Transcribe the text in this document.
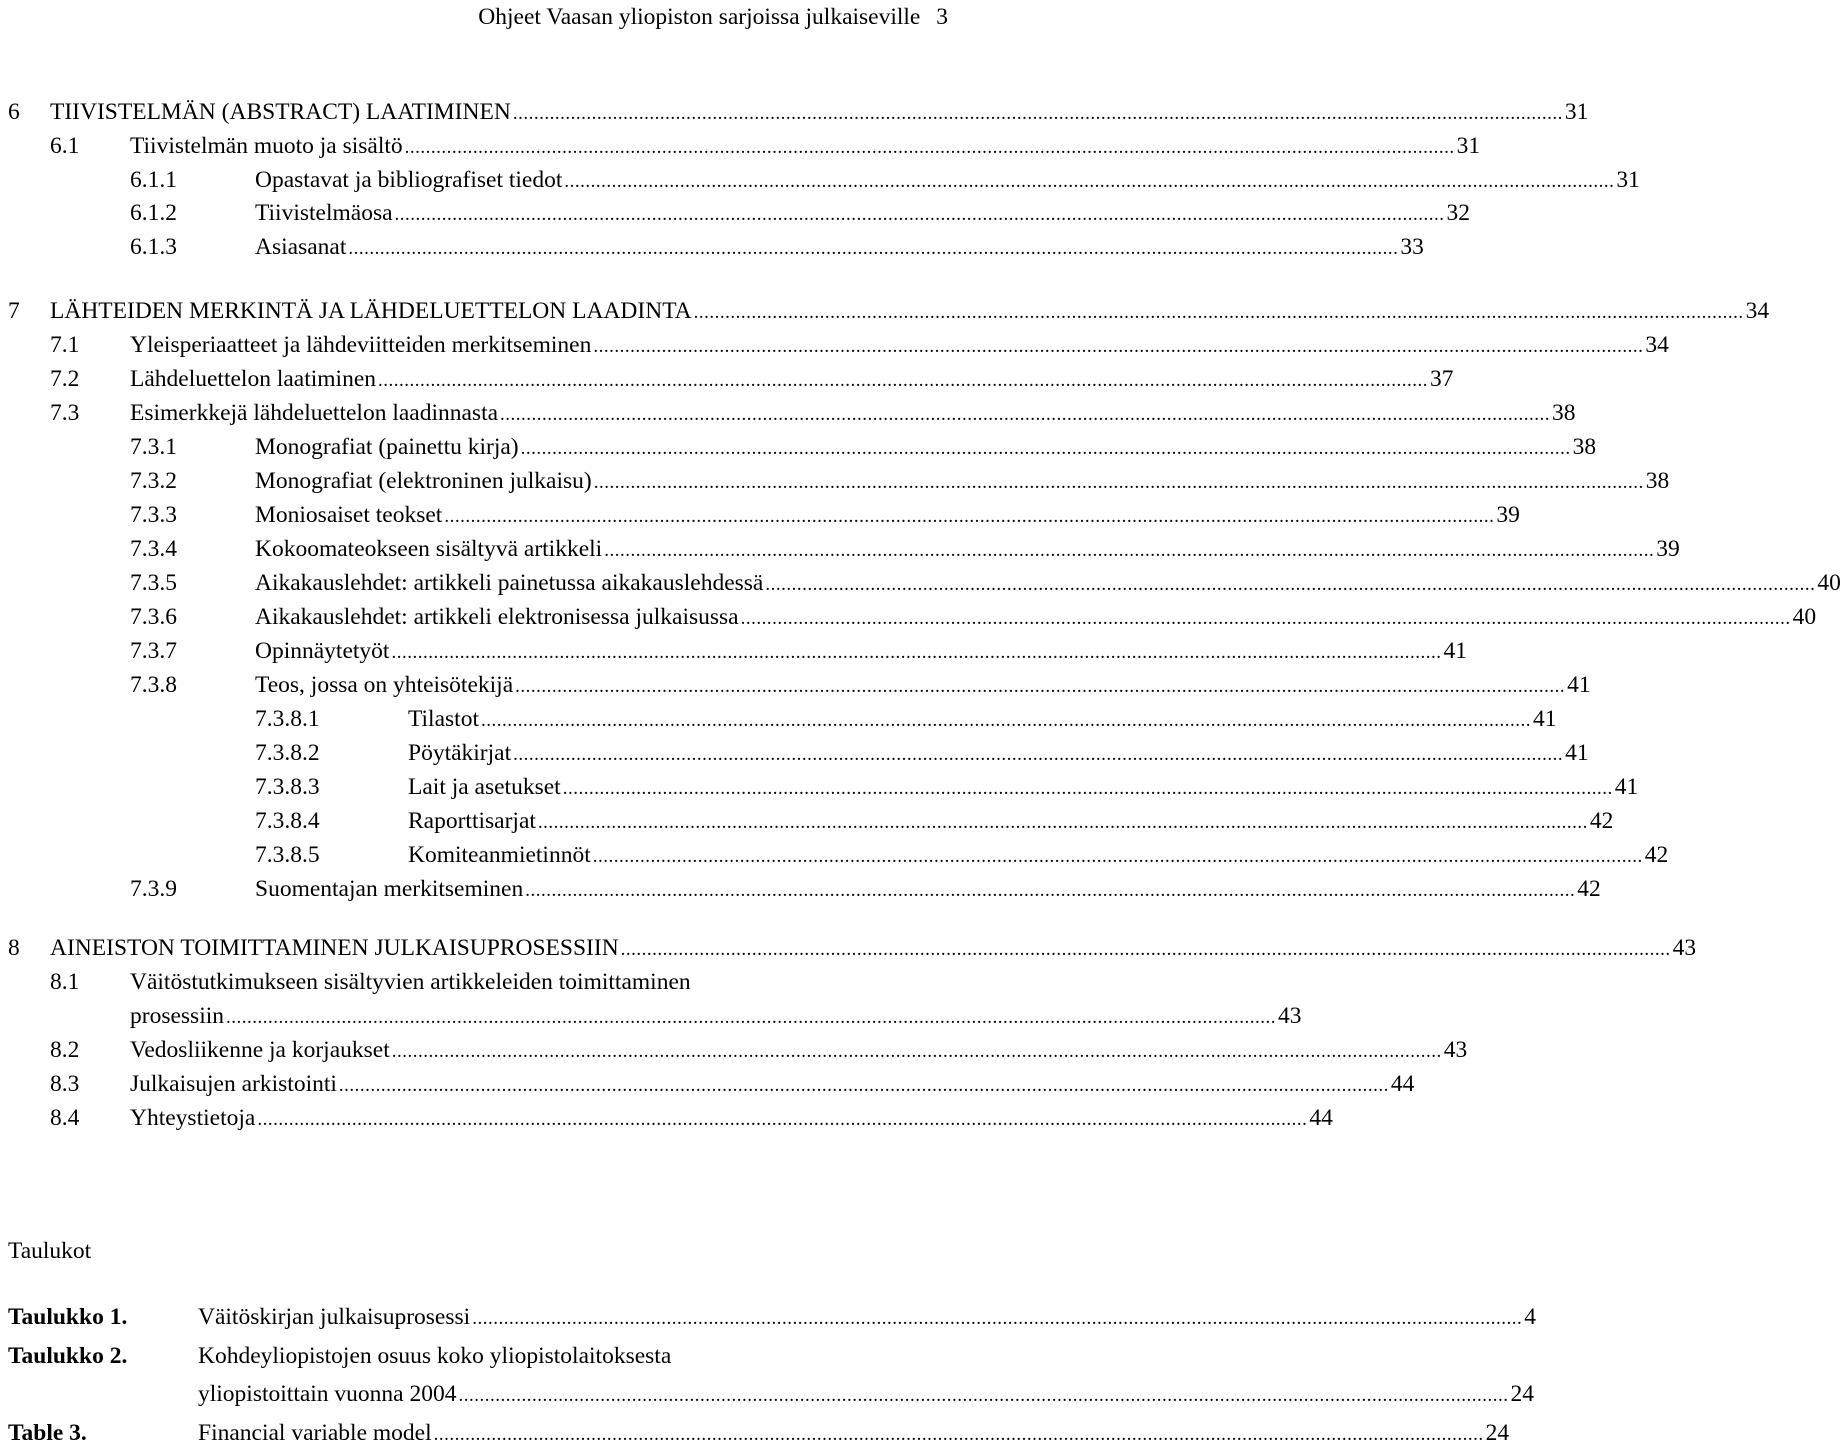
Ohjeet Vaasan yliopiston sarjoissa julkaiseville 3
6 TIIVISTELMÄN (ABSTRACT) LAATIMINEN ........................................................................................................................................................................................................ 31
6.1 Tiivistelmän muoto ja sisältö ........................................................................................................................................................................................................ 31
6.1.1	Opastavat ja bibliografiset tiedot ........................................................................................................................................................................................................ 31
6.1.2	Tiivistelmäosa ........................................................................................................................................................................................................ 32
6.1.3	Asiasanat ........................................................................................................................................................................................................ 33
7 LÄHTEIDEN MERKINTÄ JA LÄHDELUETTELON LAADINTA ........................................................................................................................................................................................................ 34
7.1 Yleisperiaatteet ja lähdeviitteiden merkitseminen ........................................................................................................................................................................................................ 34
7.2 Lähdeluettelon laatiminen ........................................................................................................................................................................................................ 37
7.3 Esimerkkejä lähdeluettelon laadinnasta ........................................................................................................................................................................................................ 38
7.3.1	Monografiat (painettu kirja) ........................................................................................................................................................................................................ 38
7.3.2	Monografiat (elektroninen julkaisu) ........................................................................................................................................................................................................ 38
7.3.3	Moniosaiset teokset ........................................................................................................................................................................................................ 39
7.3.4	Kokoomateokseen sisältyvä artikkeli ........................................................................................................................................................................................................ 39
7.3.5	Aikakauslehdet: artikkeli painetussa aikakauslehdessä ........................................................................................................................................................................................................ 40
7.3.6	Aikakauslehdet: artikkeli elektronisessa julkaisussa ........................................................................................................................................................................................................ 40
7.3.7	Opinnäytetyöt ........................................................................................................................................................................................................ 41
7.3.8	Teos, jossa on yhteisötekijä ........................................................................................................................................................................................................ 41
7.3.8.1	Tilastot ........................................................................................................................................................................................................ 41
7.3.8.2	Pöytäkirjat ........................................................................................................................................................................................................ 41
7.3.8.3	Lait ja asetukset ........................................................................................................................................................................................................ 41
7.3.8.4	Raporttisarjat ........................................................................................................................................................................................................ 42
7.3.8.5	Komiteanmietinnöt ........................................................................................................................................................................................................ 42
7.3.9	Suomentajan merkitseminen ........................................................................................................................................................................................................ 42
8 AINEISTON TOIMITTAMINEN JULKAISUPROSESSIIN ........................................................................................................................................................................................................ 43
8.1 Väitöstutkimukseen sisältyvien artikkeleiden toimittaminen
prosessiin ........................................................................................................................................................................................................ 43
8.2 Vedosliikenne ja korjaukset ........................................................................................................................................................................................................ 43
8.3 Julkaisujen arkistointi ........................................................................................................................................................................................................ 44
8.4 Yhteystietoja ........................................................................................................................................................................................................ 44
Taulukot
Taulukko 1.	Väitöskirjan julkaisuprosessi ........................................................................................................................................................................................................ 4
Taulukko 2.	Kohdeyliopistojen osuus koko yliopistolaitoksesta
yliopistoittain vuonna 2004 ........................................................................................................................................................................................................ 24
Table 3.	Financial variable model ........................................................................................................................................................................................................ 24
